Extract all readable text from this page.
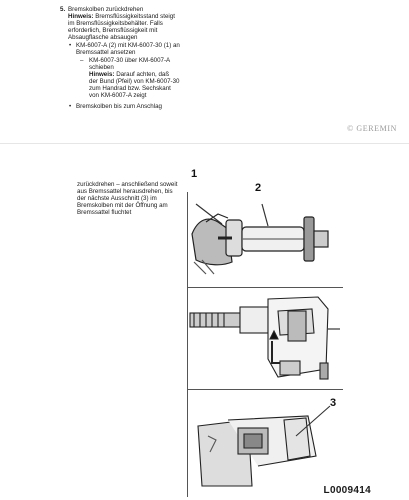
5. Bremskolben zurückdrehen
Hinweis: Bremsflüssigkeitsstand steigt
im Bremsflüssigkeitsbehälter. Falls
erforderlich, Bremsflüssigkeit mit
Absaugflasche absaugen
• KM-6007-A (2) mit KM-6007-30 (1) an
Bremssattel ansetzen
– KM-6007-30 über KM-6007-A
schieben
Hinweis: Darauf achten, daß
der Bund (Pfeil) von KM-6007-30
zum Handrad bzw. Sechskant
von KM-6007-A zeigt
• Bremskolben bis zum Anschlag
© GEREMIN
zurückdrehen – anschließend soweit
aus Bremssattel herausdrehen, bis
der nächste Ausschnitt (3) im
Bremskolben mit der Öffnung am
Bremssattel fluchtet
1
2
3
L0009414
